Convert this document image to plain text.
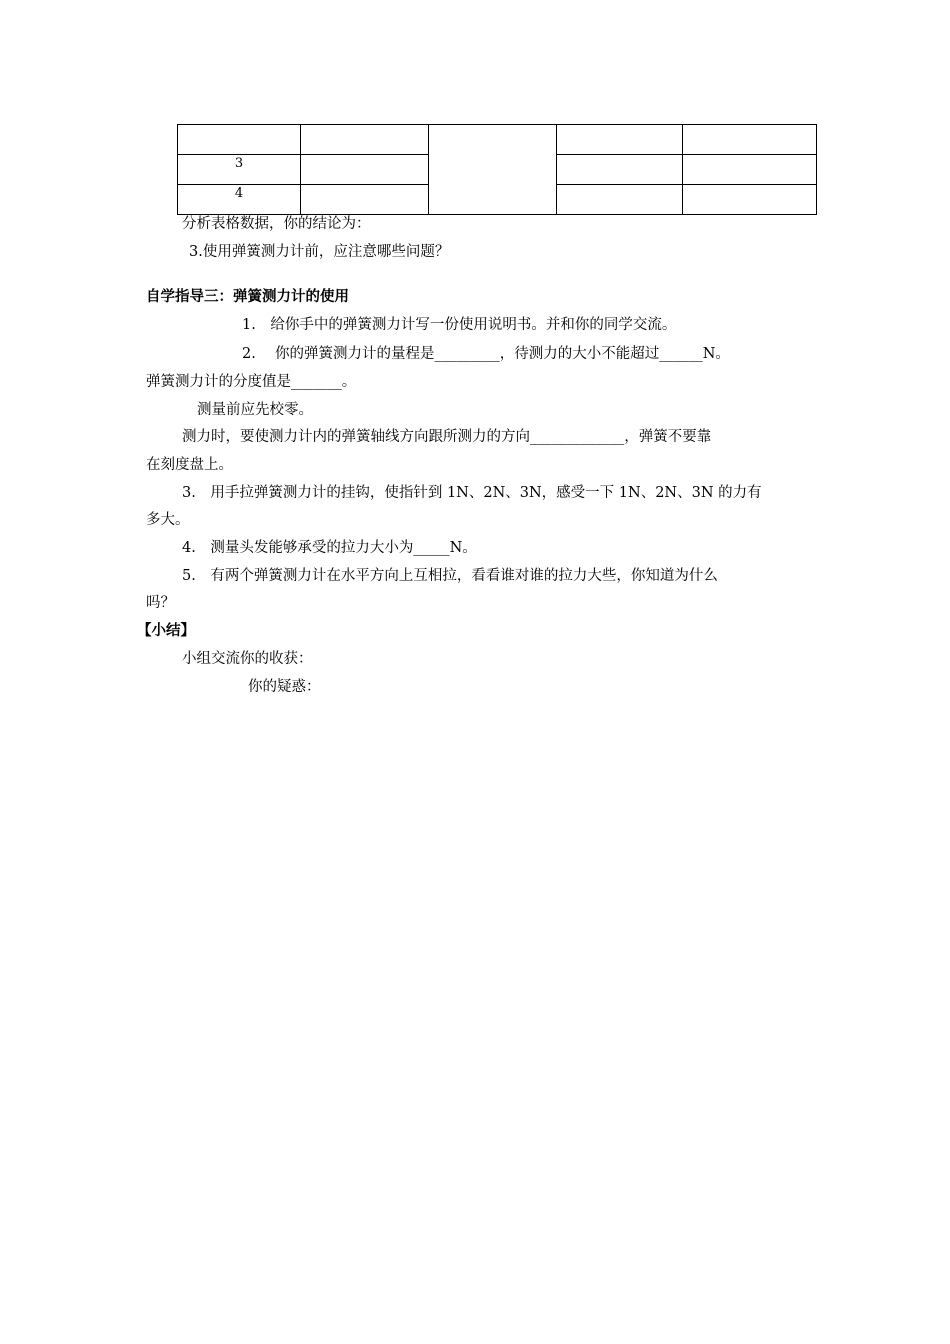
3				
4				
分析表格数据，你的结论为：
3.使用弹簧测力计前，应注意哪些问题？
自学指导三：弹簧测力计的使用
1.　给你手中的弹簧测力计写一份使用说明书。并和你的同学交流。
2.　 你的弹簧测力计的量程是_________，待测力的大小不能超过______N。
弹簧测力计的分度值是_______。
测量前应先校零。
测力时，要使测力计内的弹簧轴线方向跟所测力的方向_____________，弹簧不要靠
在刻度盘上。
3.　用手拉弹簧测力计的挂钩，使指针到 1N、2N、3N，感受一下 1N、2N、3N 的力有
多大。
4.　测量头发能够承受的拉力大小为_____N。
5.　有两个弹簧测力计在水平方向上互相拉，看看谁对谁的拉力大些，你知道为什么
吗？
【小结】
小组交流你的收获：
你的疑惑：
